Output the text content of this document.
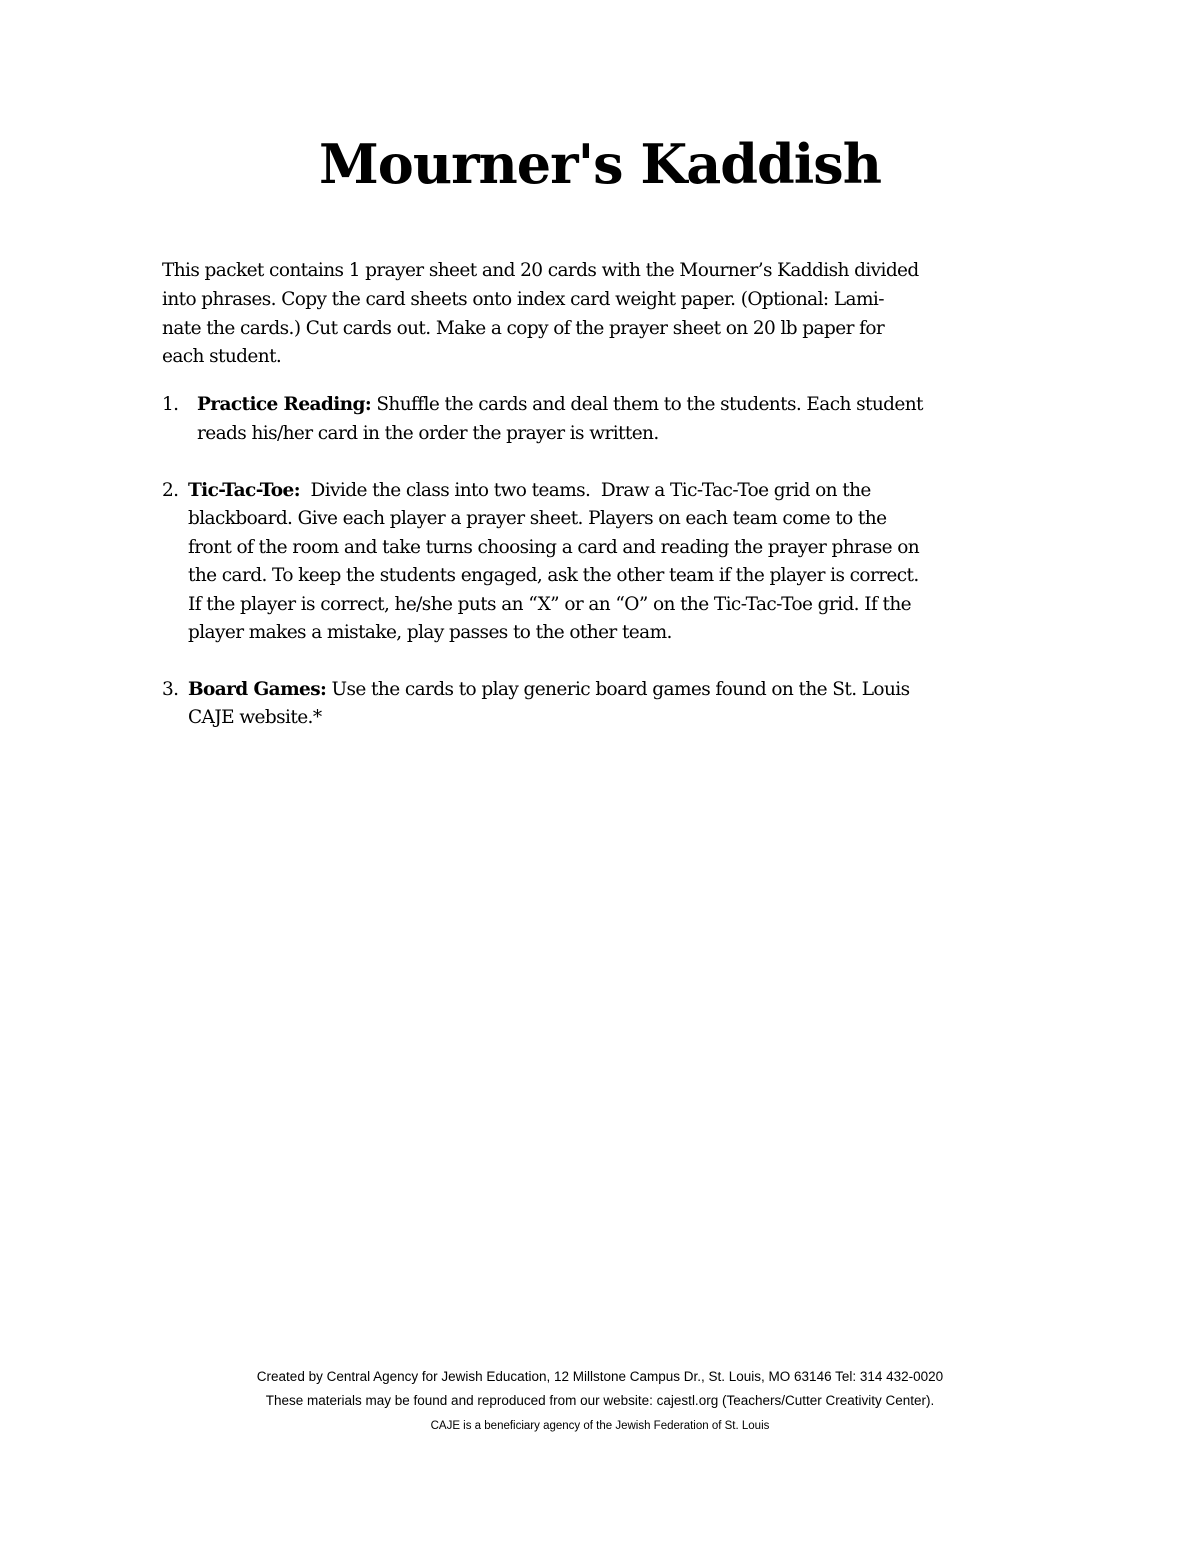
Mourner's Kaddish
This packet contains 1 prayer sheet and 20 cards with the Mourner’s Kaddish divided
into phrases. Copy the card sheets onto index card weight paper. (Optional: Lami-
nate the cards.) Cut cards out. Make a copy of the prayer sheet on 20 lb paper for
each student.
1. Practice Reading: Shuffle the cards and deal them to the students. Each student
reads his/her card in the order the prayer is written.
2. Tic-Tac-Toe:  Divide the class into two teams.  Draw a Tic-Tac-Toe grid on the
blackboard. Give each player a prayer sheet. Players on each team come to the
front of the room and take turns choosing a card and reading the prayer phrase on
the card. To keep the students engaged, ask the other team if the player is correct.
If the player is correct, he/she puts an “X” or an “O” on the Tic-Tac-Toe grid. If the
player makes a mistake, play passes to the other team.
3. Board Games: Use the cards to play generic board games found on the St. Louis
CAJE website.*
Created by Central Agency for Jewish Education, 12 Millstone Campus Dr., St. Louis, MO 63146 Tel: 314 432-0020
These materials may be found and reproduced from our website: cajestl.org (Teachers/Cutter Creativity Center).
CAJE is a beneficiary agency of the Jewish Federation of St. Louis
